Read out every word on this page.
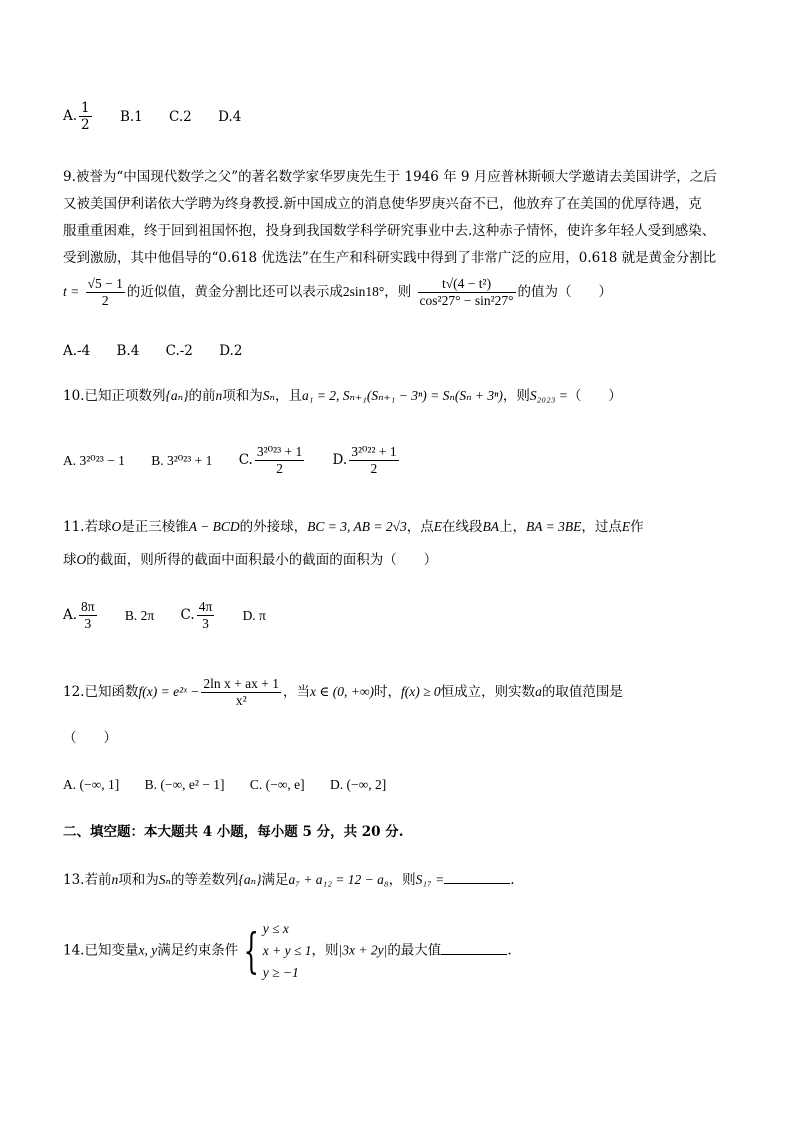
A. $\frac{1}{2} B.1$ C.2 D.4
9.被誉为“中国现代数学之父”的著名数学家华罗庚先生于 1946 年 9 月应普林斯顿大学邀请去美国讲学，之后
又被美国伊利诺依大学聘为终身教授.新中国成立的消息使华罗庚兴奋不已，他放弃了在美国的优厚待遇，克
服重重困难，终于回到祖国怀抱，投身到我国数学科学研究事业中去.这种赤子情怀，使许多年轻人受到感染、
受到激励，其中他倡导的“0.618 优选法”在生产和科研实践中得到了非常广泛的应用，0.618 就是黄金分割比
$t = \frac{√5 - 1}{2}$ 的近似值，黄金分割比还可以表示成2sin18°，则 $\frac{\text{t√(4 − t²)}}{\text{cos²27° − sin²27°}}$ 的值为（　　）
A.-4 B.4 C.-2 D.2
10.已知正项数列{aₙ}的前n项和为Sₙ，且a₁ = 2, Sₙ₊₁(Sₙ₊₁ − 3ⁿ) = Sₙ(Sₙ + 3ⁿ)，则S₂₀₂₃ =（　　）
A. 3²⁰²³ − 1 B. 3²⁰²³ + 1 C. $\frac{\text{3²⁰²³ + 1}}{2} D$. $\frac{\text{3²⁰²² + 1}}{2}$
11.若球O是正三棱锥A − BCD的外接球，BC = 3, AB = 2√3，点E在线段BA上，BA = 3BE，过点E作
球O的截面，则所得的截面中面积最小的截面的面积为（　　）
A. $\frac{8\pi}{3} B$. 2π C. $\frac{4\pi}{3} D$. π
12.已知函数f(x) = e²ˣ − $\frac{\text{2ln x + ax + 1}}{\text{x²}}$ ，当x ∈ (0, +∞)时，f(x) ≥ 0恒成立，则实数a的取值范围是
（　　）
A. (−∞, 1] B. (−∞, e² − 1] C. (−∞, e] D. (−∞, 2]
二、填空题：本大题共 4 小题，每小题 5 分，共 20 分.
13.若前n项和为Sₙ的等差数列{aₙ}满足a₇ + a₁₂ = 12 − a₈，则S₁₇ =	.
14.已知变量x, y满足约束条件 { y ≤ x
x + y ≤ 1
y ≥ −1
，则|3x + 2y|的最大值	.
